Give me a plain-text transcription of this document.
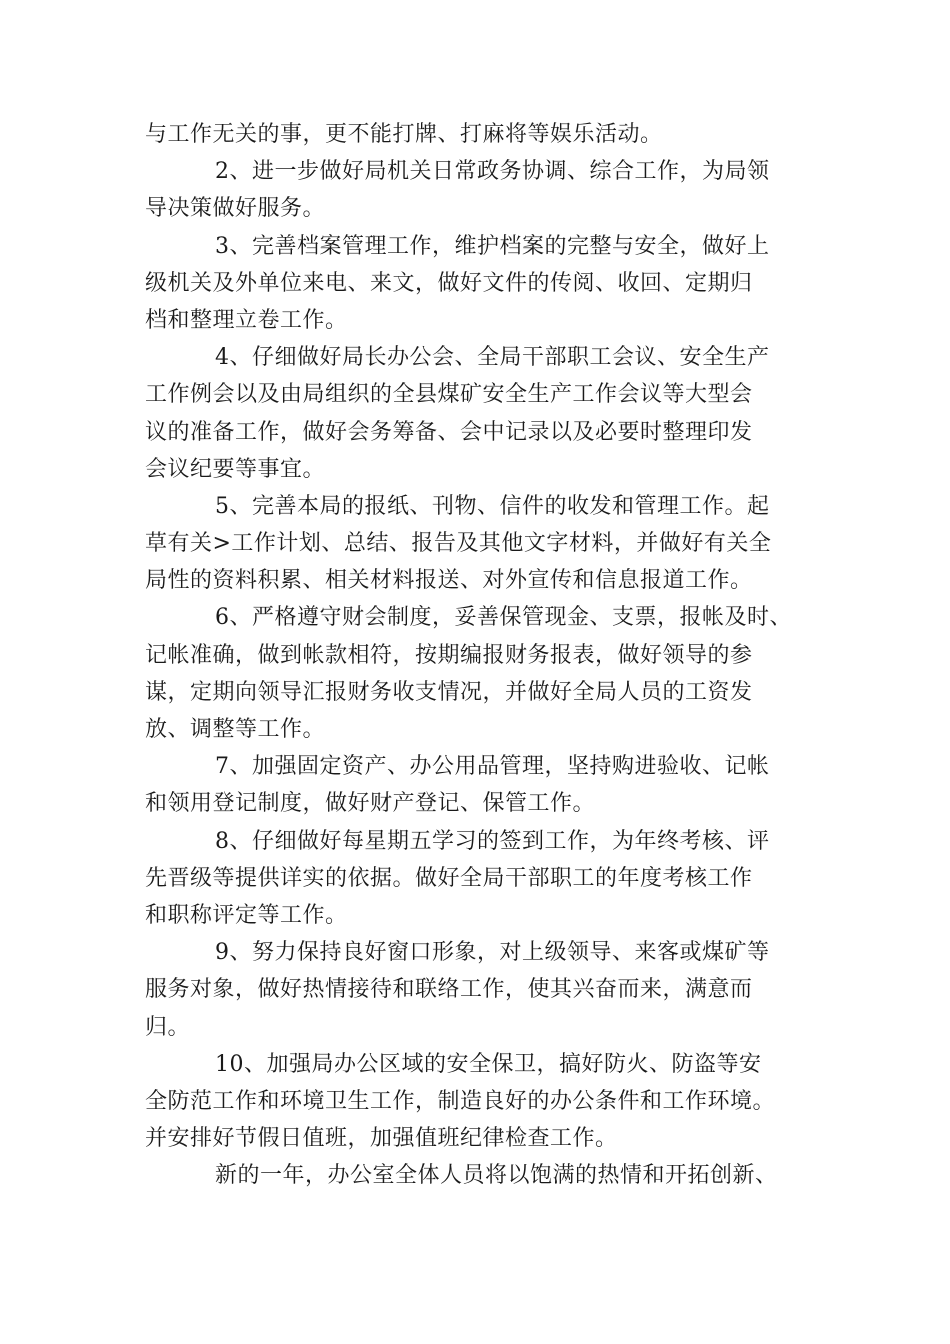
与工作无关的事，更不能打牌、打麻将等娱乐活动。
2、进一步做好局机关日常政务协调、综合工作，为局领
导决策做好服务。
3、完善档案管理工作，维护档案的完整与安全，做好上
级机关及外单位来电、来文，做好文件的传阅、收回、定期归
档和整理立卷工作。
4、仔细做好局长办公会、全局干部职工会议、安全生产
工作例会以及由局组织的全县煤矿安全生产工作会议等大型会
议的准备工作，做好会务筹备、会中记录以及必要时整理印发
会议纪要等事宜。
5、完善本局的报纸、刊物、信件的收发和管理工作。起
草有关>工作计划、总结、报告及其他文字材料，并做好有关全
局性的资料积累、相关材料报送、对外宣传和信息报道工作。
6、严格遵守财会制度，妥善保管现金、支票，报帐及时、
记帐准确，做到帐款相符，按期编报财务报表，做好领导的参
谋，定期向领导汇报财务收支情况，并做好全局人员的工资发
放、调整等工作。
7、加强固定资产、办公用品管理，坚持购进验收、记帐
和领用登记制度，做好财产登记、保管工作。
8、仔细做好每星期五学习的签到工作，为年终考核、评
先晋级等提供详实的依据。做好全局干部职工的年度考核工作
和职称评定等工作。
9、努力保持良好窗口形象，对上级领导、来客或煤矿等
服务对象，做好热情接待和联络工作，使其兴奋而来，满意而
归。
10、加强局办公区域的安全保卫，搞好防火、防盗等安
全防范工作和环境卫生工作，制造良好的办公条件和工作环境。
并安排好节假日值班，加强值班纪律检查工作。
新的一年，办公室全体人员将以饱满的热情和开拓创新、
